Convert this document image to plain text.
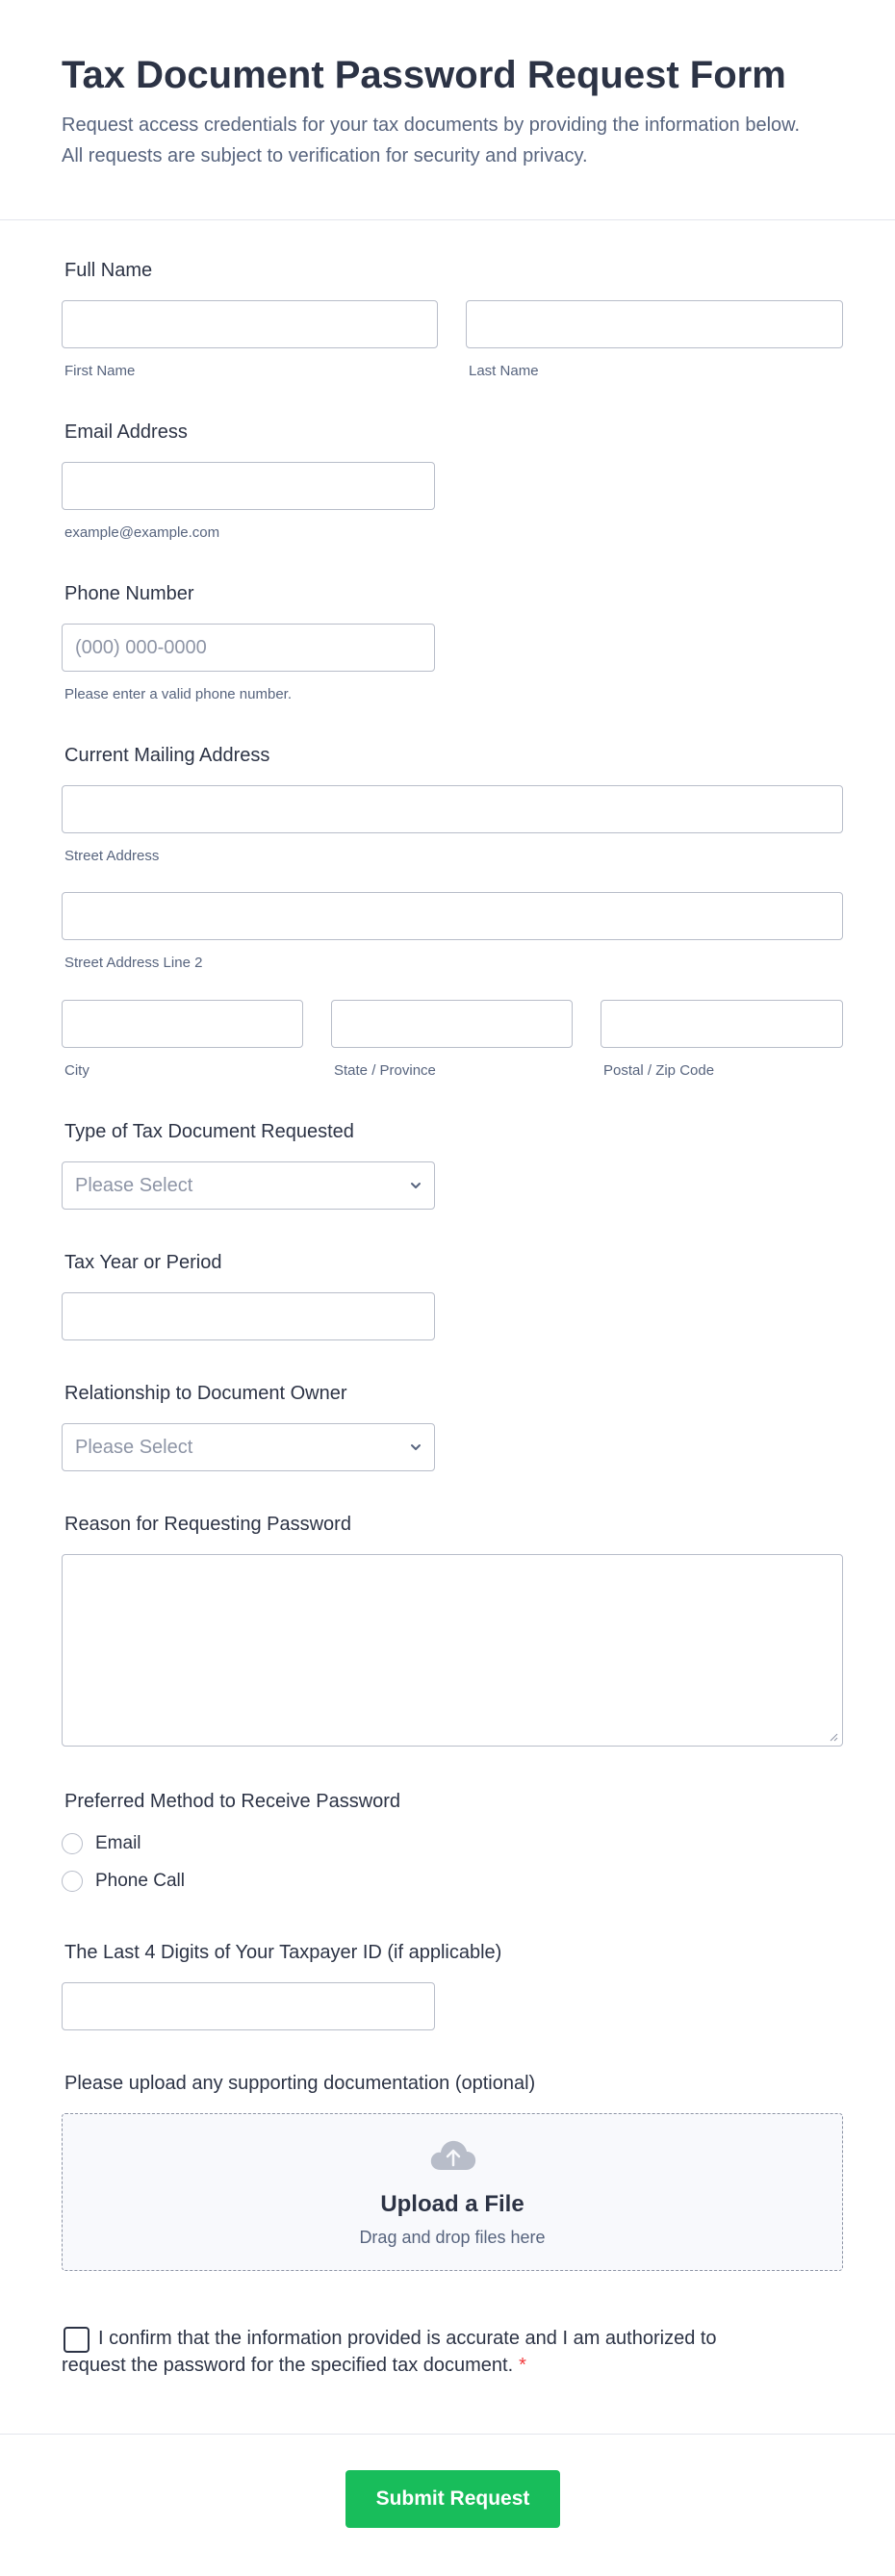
Tax Document Password Request Form

Request access credentials for your tax documents by providing the information below. All requests are subject to verification for security and privacy.

Full Name
First Name	Last Name
Email Address
example@example.com
Phone Number
(000) 000-0000
Please enter a valid phone number.
Current Mailing Address
Street Address
Street Address Line 2
City	State / Province	Postal / Zip Code
Type of Tax Document Requested
Please Select
Tax Year or Period
Relationship to Document Owner
Please Select
Reason for Requesting Password
Preferred Method to Receive Password
Email
Phone Call
The Last 4 Digits of Your Taxpayer ID (if applicable)
Please upload any supporting documentation (optional)
Upload a File
Drag and drop files here
I confirm that the information provided is accurate and I am authorized to request the password for the specified tax document. *
Submit Request
